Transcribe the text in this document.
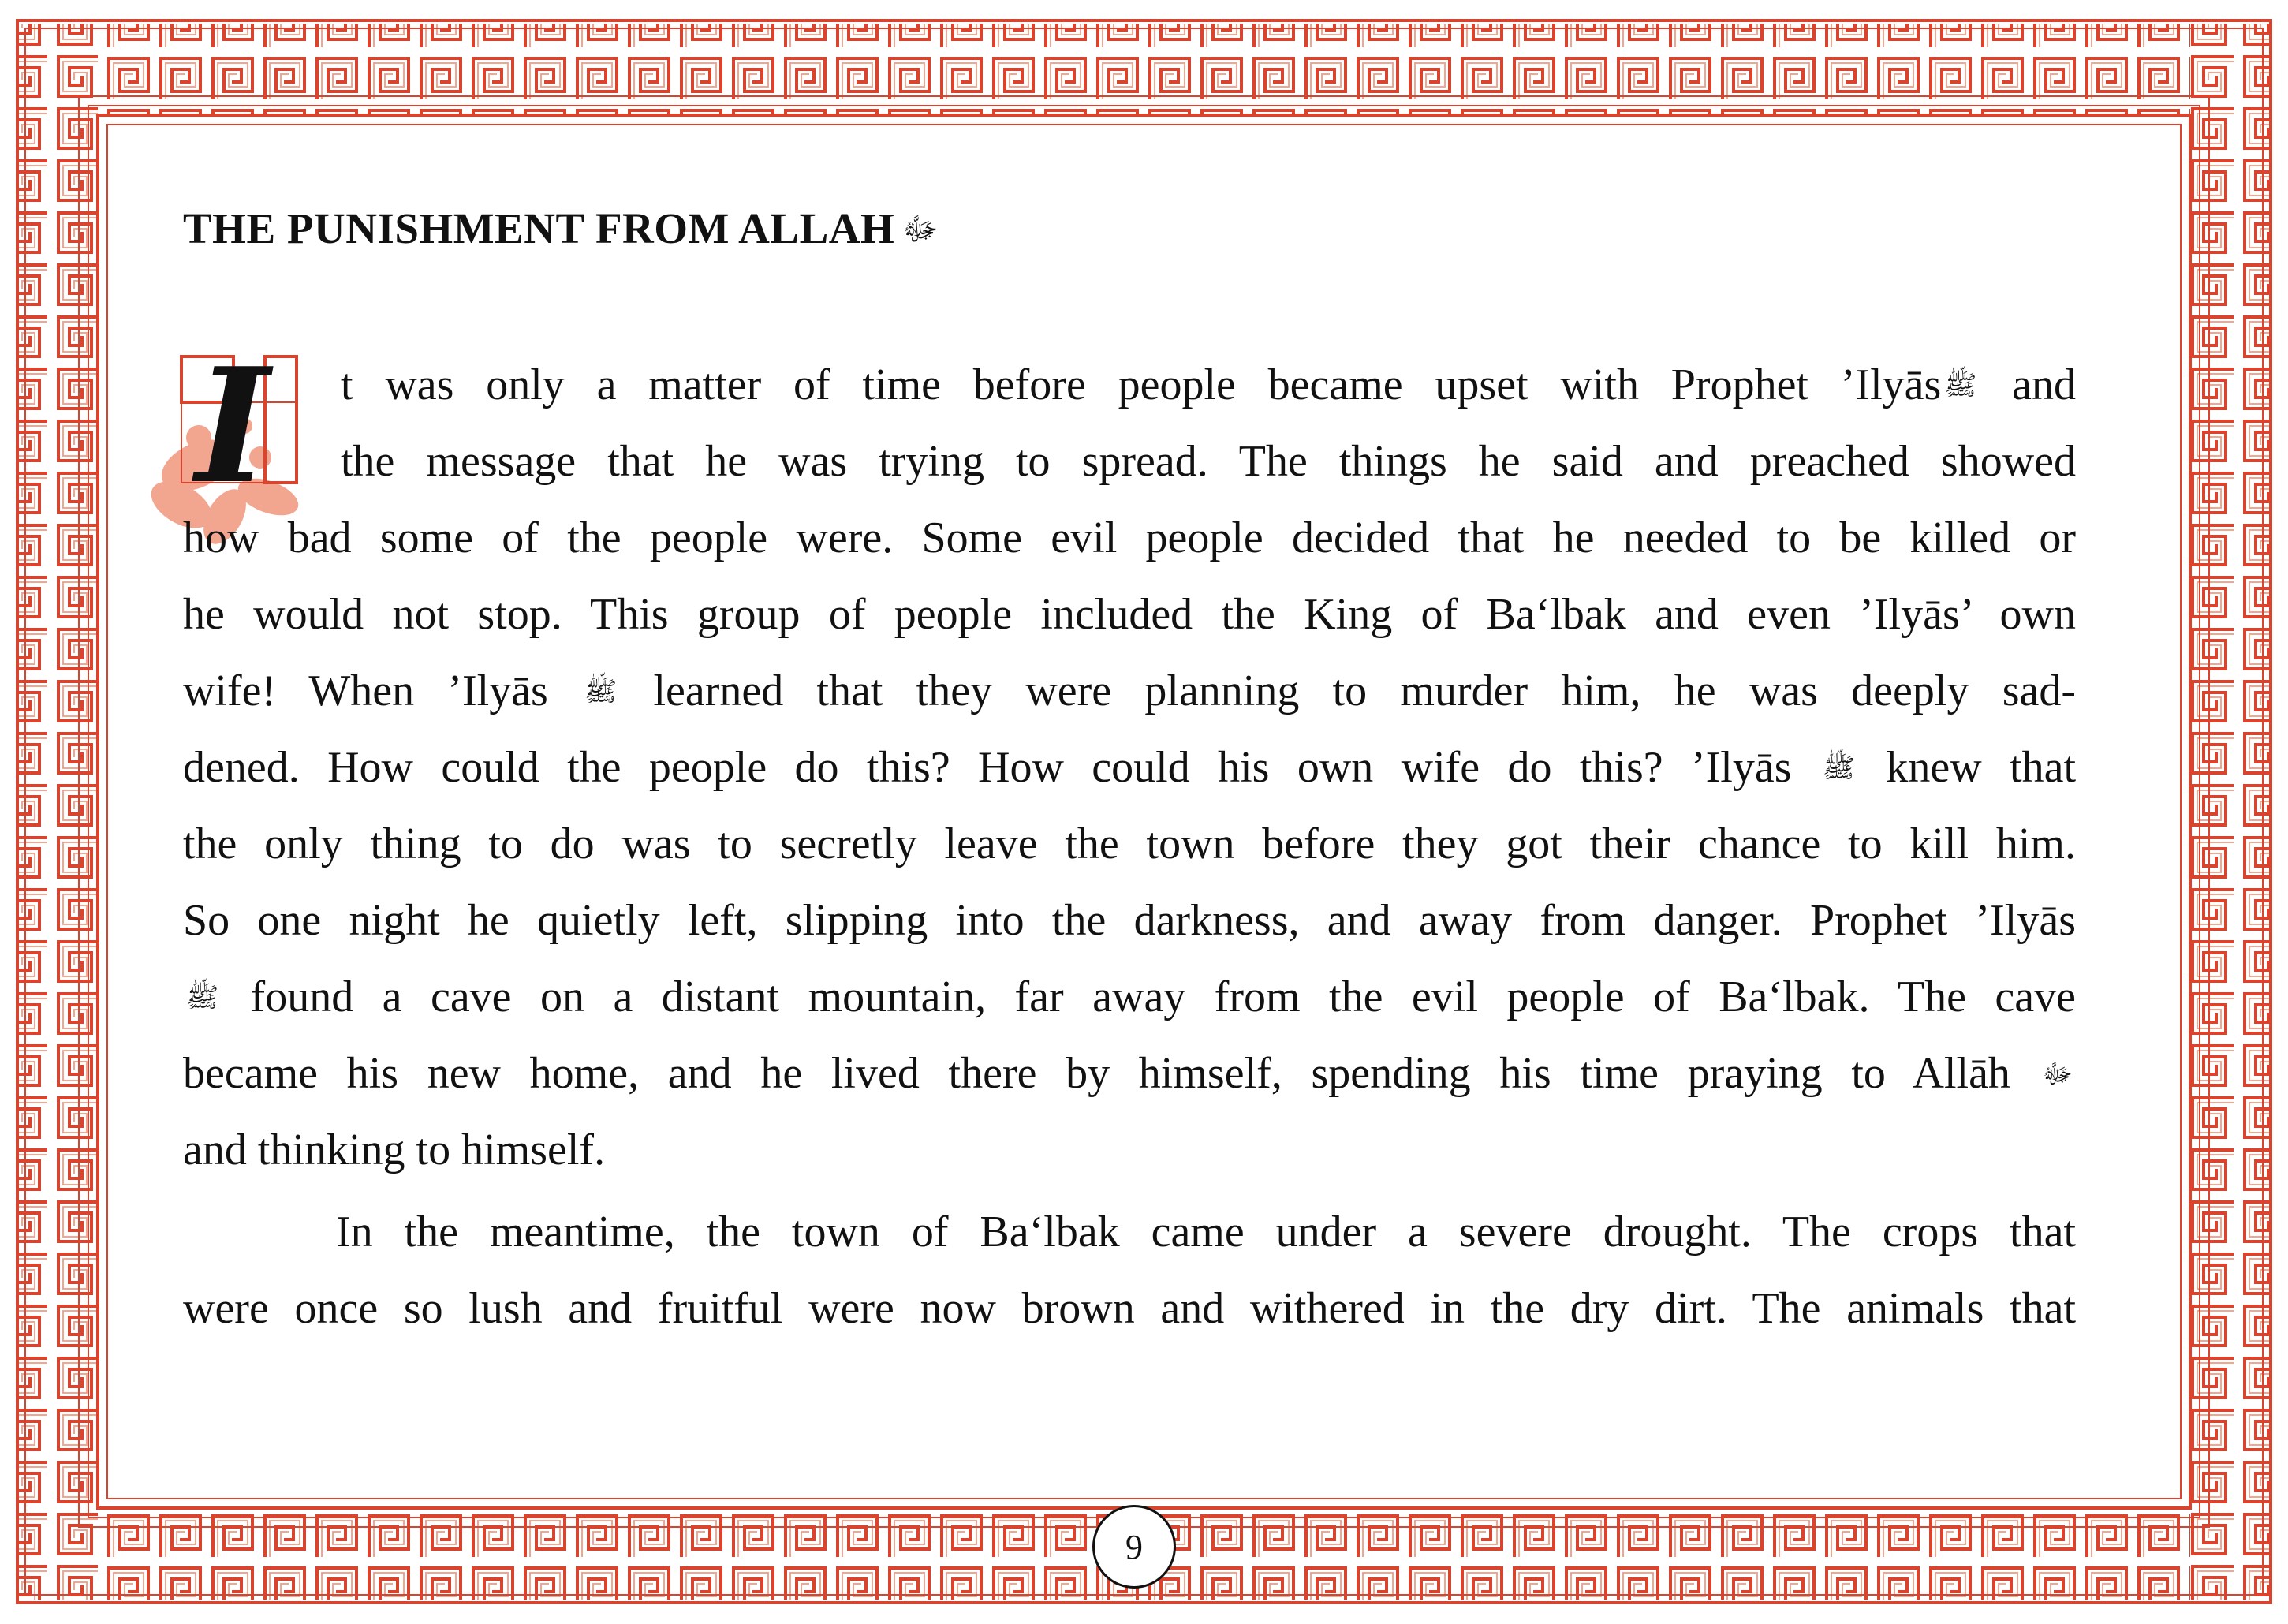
THE PUNISHMENT FROM ALLAH ﷻ
I	t was only a matter of time before people became upset with Prophet ’Ilyās ﷺ and
the message that he was trying to spread. The things he said and preached showed
how bad some of the people were. Some evil people decided that he needed to be killed or
he would not stop. This group of people included the King of Ba‘lbak and even ’Ilyās’ own
wife! When ’Ilyās ﷺ learned that they were planning to murder him, he was deeply sad-
dened. How could the people do this? How could his own wife do this? ’Ilyās ﷺ knew that
the only thing to do was to secretly leave the town before they got their chance to kill him.
So one night he quietly left, slipping into the darkness, and away from danger. Prophet ’Ilyās
ﷺ found a cave on a distant mountain, far away from the evil people of Ba‘lbak. The cave
became his new home, and he lived there by himself, spending his time praying to Allāh ﷻ
and thinking to himself.
In the meantime, the town of Ba‘lbak came under a severe drought. The crops that
were once so lush and fruitful were now brown and withered in the dry dirt. The animals that
9
